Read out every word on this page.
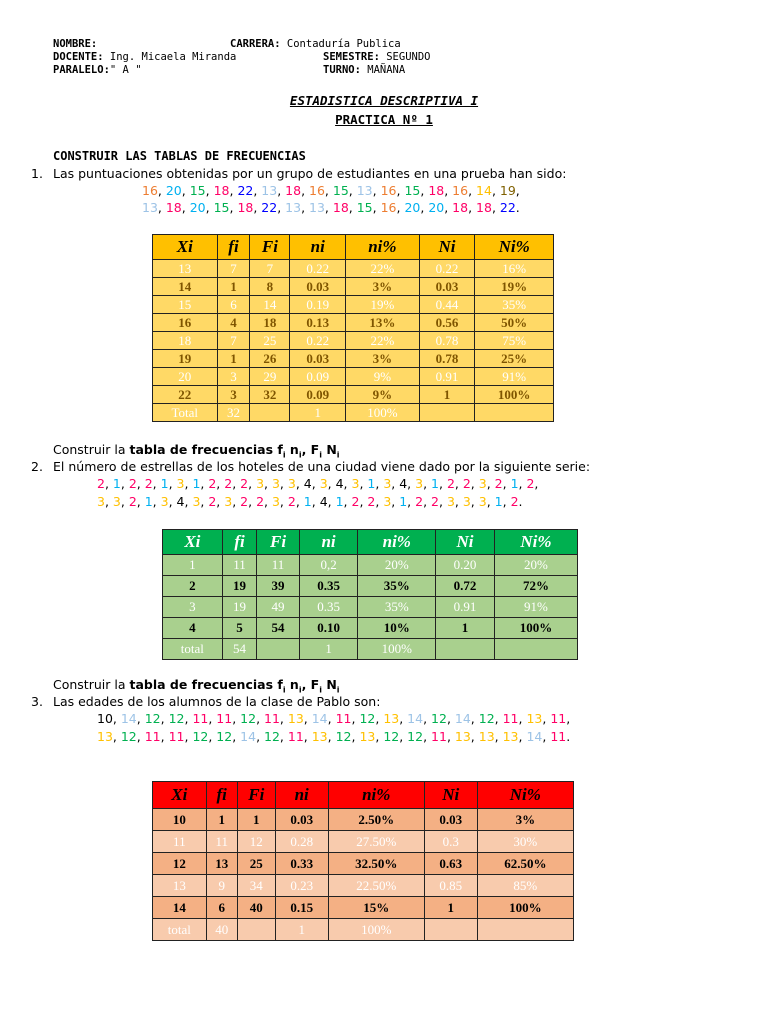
NOMBRE:	CARRERA: Contaduría Publica
DOCENTE: Ing. Micaela Miranda	SEMESTRE: SEGUNDO
PARALELO:" A "	TURNO: MAÑANA
ESTADISTICA DESCRIPTIVA I
PRACTICA Nº 1
CONSTRUIR LAS TABLAS DE FRECUENCIAS
1. Las puntuaciones obtenidas por un grupo de estudiantes en una prueba han sido:
16, 20, 15, 18, 22, 13, 18, 16, 15, 13, 16, 15, 18, 16, 14, 19,
13, 18, 20, 15, 18, 22, 13, 13, 18, 15, 16, 20, 20, 18, 18, 22.
Xi	fi	Fi	ni	ni%	Ni	Ni%
13	7	7	0.22	22%	0.22	16%
14	1	8	0.03	3%	0.03	19%
15	6	14	0.19	19%	0.44	35%
16	4	18	0.13	13%	0.56	50%
18	7	25	0.22	22%	0.78	75%
19	1	26	0.03	3%	0.78	25%
20	3	29	0.09	9%	0.91	91%
22	3	32	0.09	9%	1	100%
Total	32		1	100%		
Construir la tabla de frecuencias $f_i$ $n_i$, $F_i$ $N_i$
2. El número de estrellas de los hoteles de una ciudad viene dado por la siguiente serie:
2, 1, 2, 2, 1, 3, 1, 2, 2, 2, 3, 3, 3, 4, 3, 4, 3, 1, 3, 4, 3, 1, 2, 2, 3, 2, 1, 2,
3, 3, 2, 1, 3, 4, 3, 2, 3, 2, 2, 3, 2, 1, 4, 1, 2, 2, 3, 1, 2, 2, 3, 3, 3, 1, 2.
Xi	fi	Fi	ni	ni%	Ni	Ni%
1	11	11	0,2	20%	0.20	20%
2	19	39	0.35	35%	0.72	72%
3	19	49	0.35	35%	0.91	91%
4	5	54	0.10	10%	1	100%
total	54		1	100%		
Construir la tabla de frecuencias $f_i$ $n_i$, $F_i$ $N_i$
3. Las edades de los alumnos de la clase de Pablo son:
10, 14, 12, 12, 11, 11, 12, 11, 13, 14, 11, 12, 13, 14, 12, 14, 12, 11, 13, 11,
13, 12, 11, 11, 12, 12, 14, 12, 11, 13, 12, 13, 12, 12, 11, 13, 13, 13, 14, 11.
Xi	fi	Fi	ni	ni%	Ni	Ni%
10	1	1	0.03	2.50%	0.03	3%
11	11	12	0.28	27.50%	0.3	30%
12	13	25	0.33	32.50%	0.63	62.50%
13	9	34	0.23	22.50%	0.85	85%
14	6	40	0.15	15%	1	100%
total	40		1	100%		
